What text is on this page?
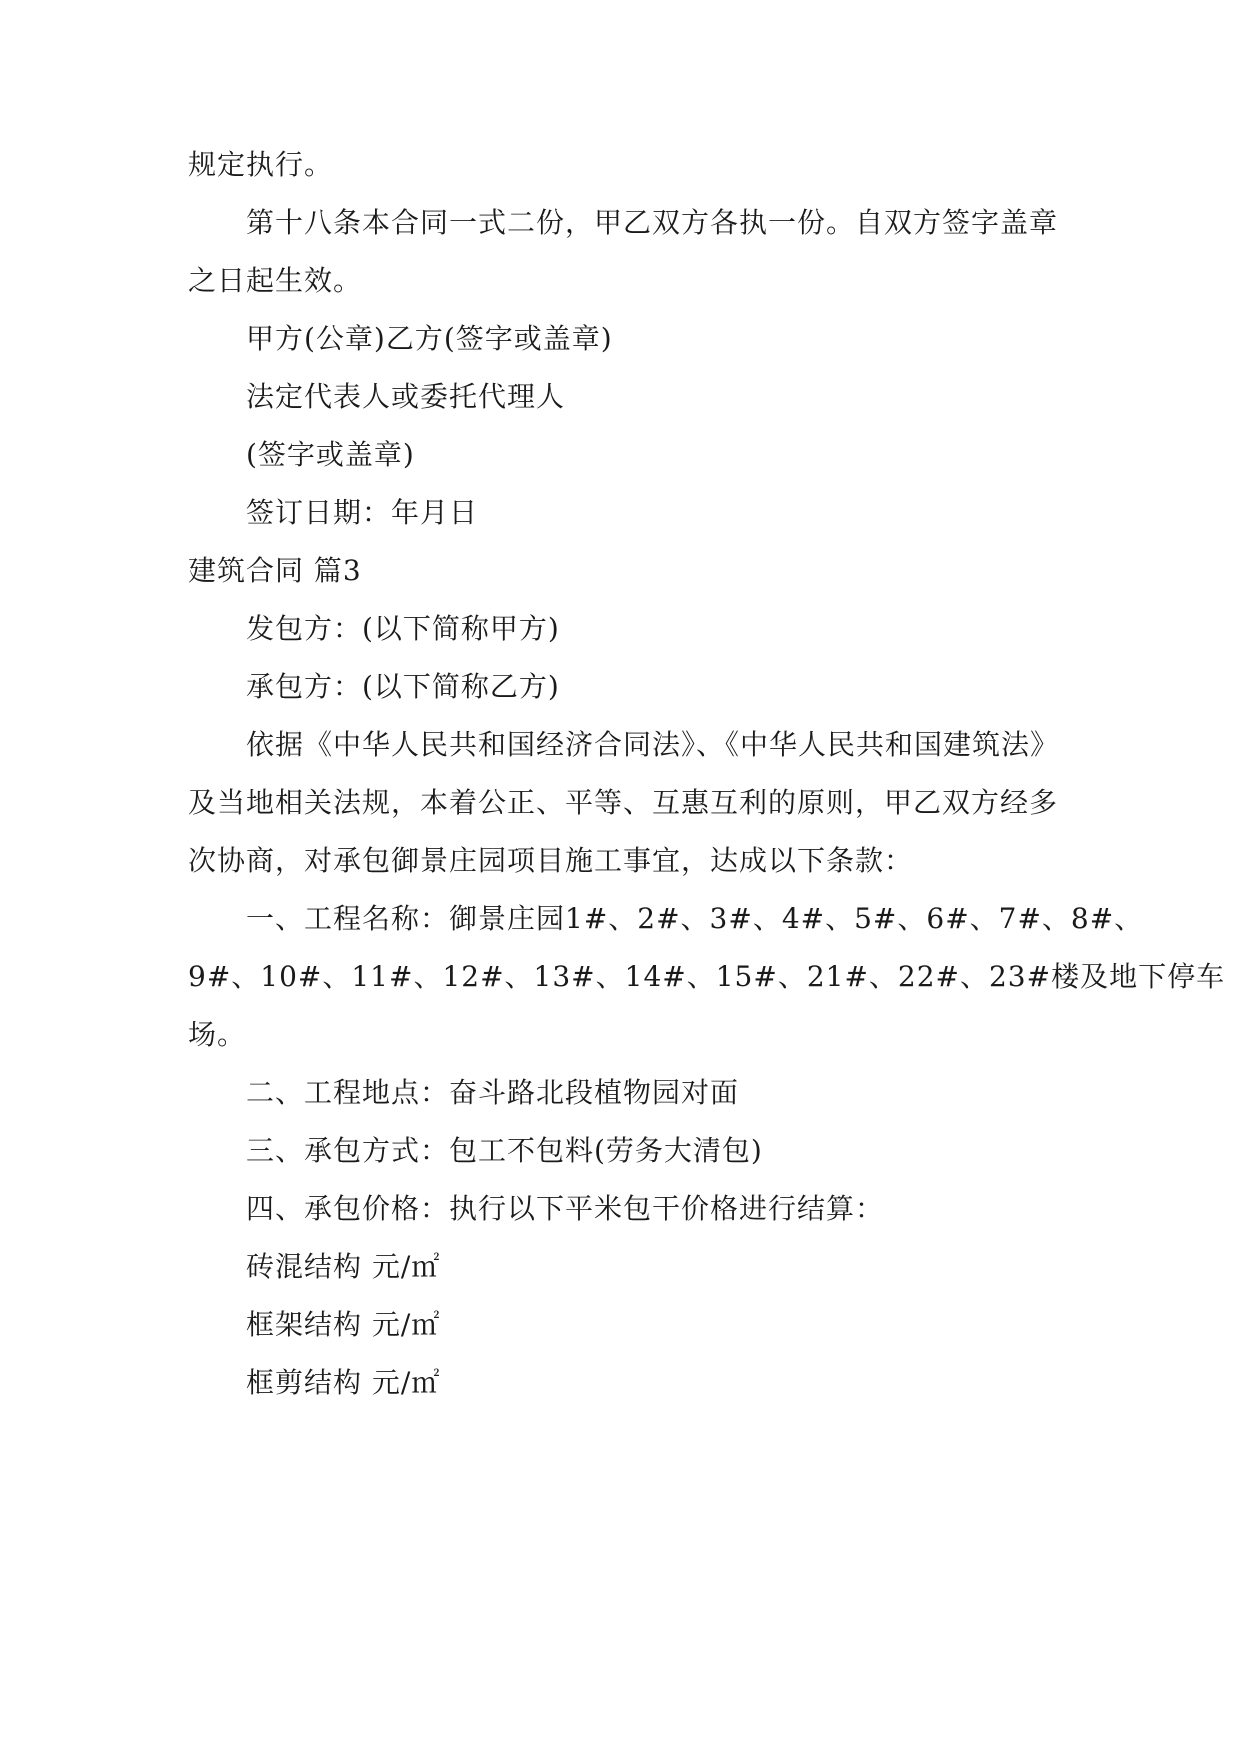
规定执行。
第十八条本合同一式二份，甲乙双方各执一份。自双方签字盖章
之日起生效。
甲方(公章)乙方(签字或盖章)
法定代表人或委托代理人
(签字或盖章)
签订日期：年月日
建筑合同 篇3
发包方：(以下简称甲方)
承包方：(以下简称乙方)
依据《中华人民共和国经济合同法》、《中华人民共和国建筑法》
及当地相关法规，本着公正、平等、互惠互利的原则，甲乙双方经多
次协商，对承包御景庄园项目施工事宜，达成以下条款：
一、工程名称：御景庄园1#、2#、3#、4#、5#、6#、7#、8#、
9#、10#、11#、12#、13#、14#、15#、21#、22#、23#楼及地下停车
场。
二、工程地点：奋斗路北段植物园对面
三、承包方式：包工不包料(劳务大清包)
四、承包价格：执行以下平米包干价格进行结算：
砖混结构 元/㎡
框架结构 元/㎡
框剪结构 元/㎡
